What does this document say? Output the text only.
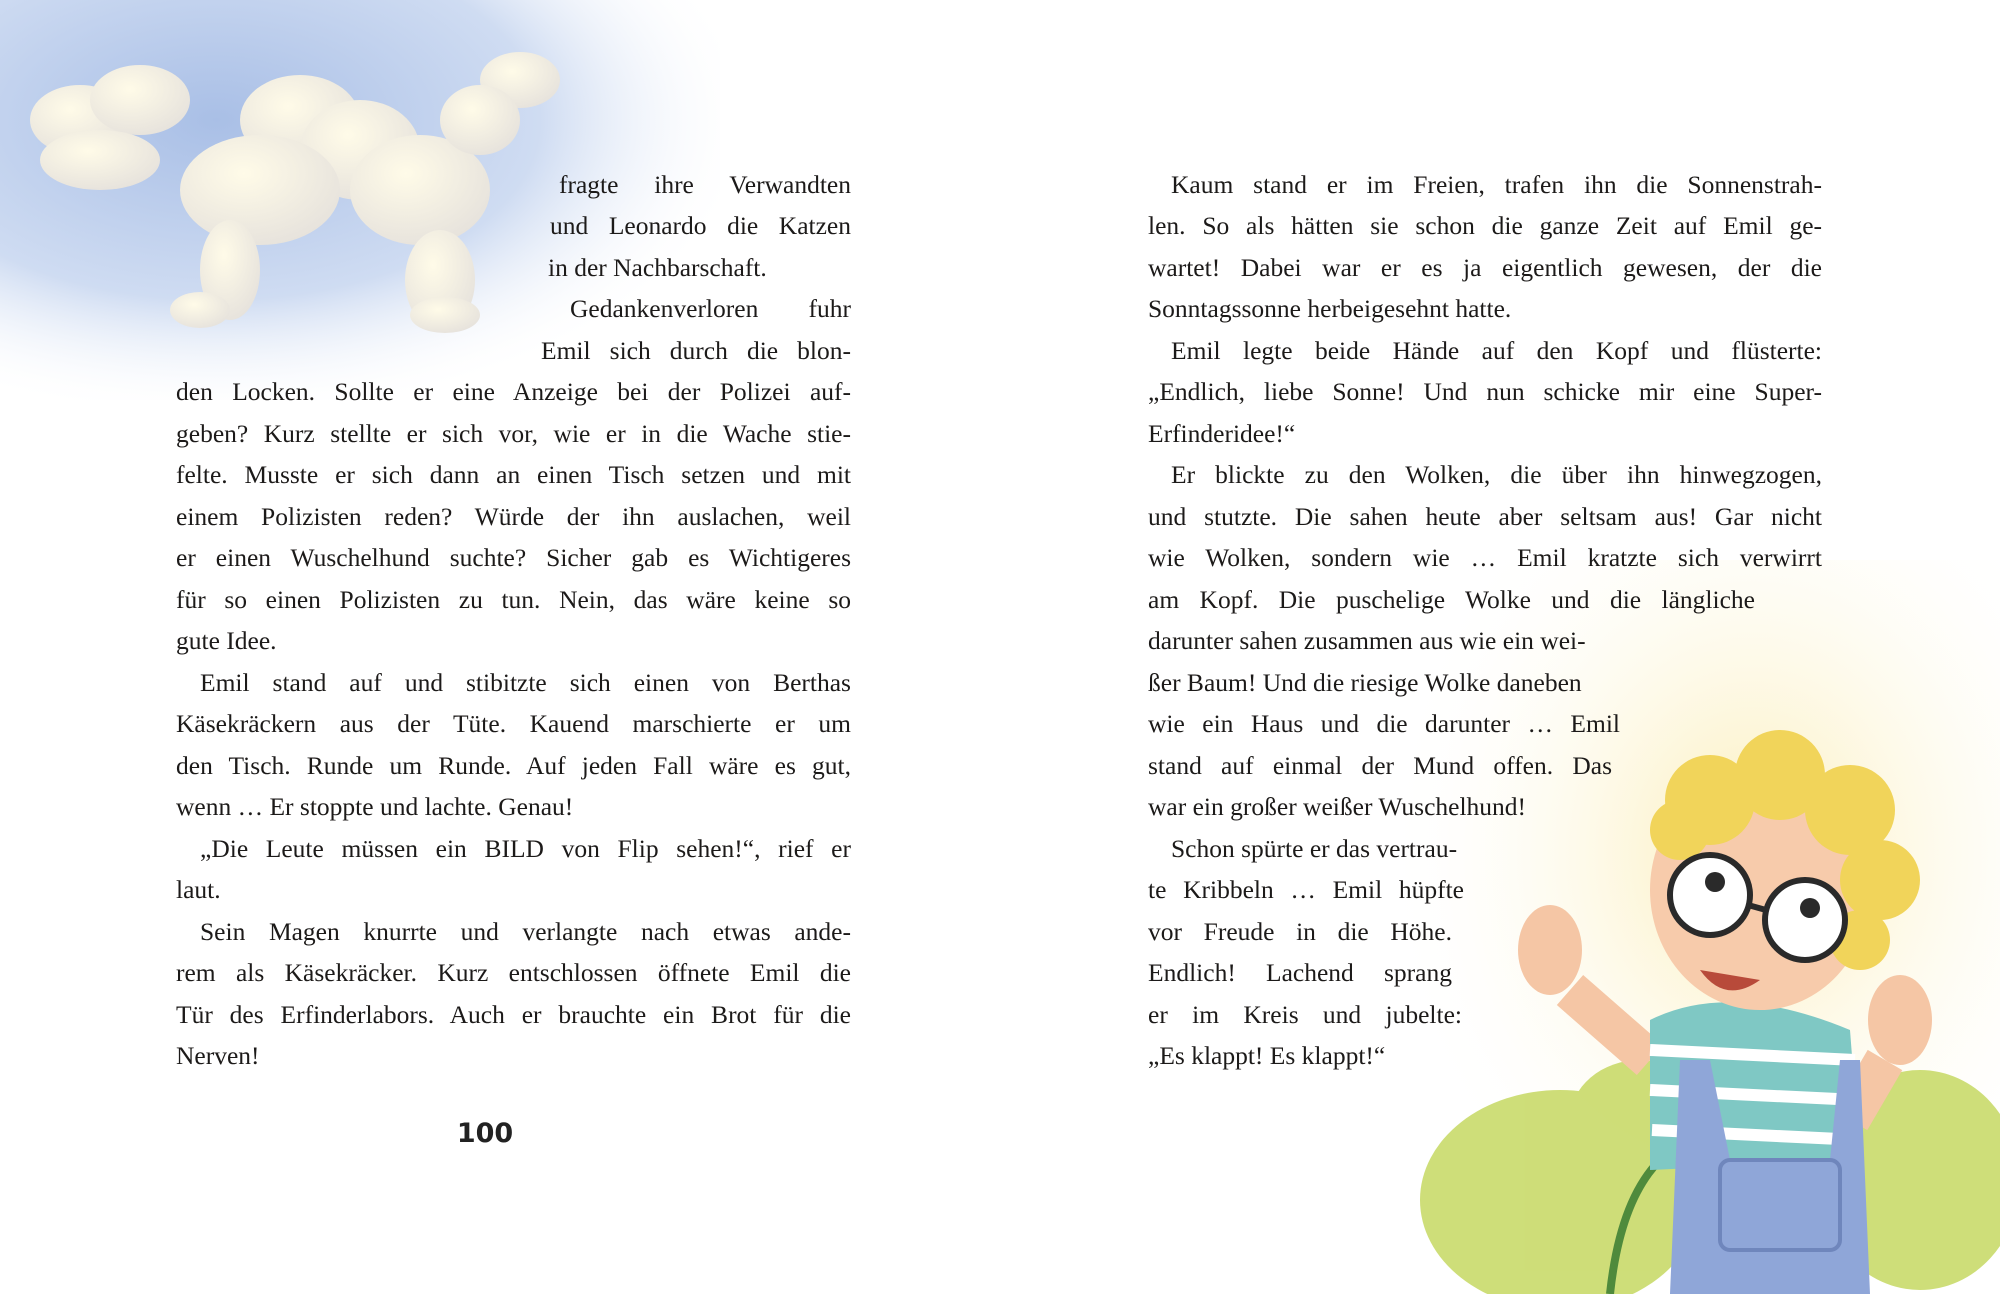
fragte ihre Verwandten
und Leonardo die Katzen
in der Nachbarschaft.
Gedankenverloren fuhr
Emil sich durch die blon-
den Locken. Sollte er eine Anzeige bei der Polizei auf-
geben? Kurz stellte er sich vor, wie er in die Wache stie-
felte. Musste er sich dann an einen Tisch setzen und mit
einem Polizisten reden? Würde der ihn auslachen, weil
er einen Wuschelhund suchte? Sicher gab es Wichtigeres
für so einen Polizisten zu tun. Nein, das wäre keine so
gute Idee.
Emil stand auf und stibitzte sich einen von Berthas
Käsekräckern aus der Tüte. Kauend marschierte er um
den Tisch. Runde um Runde. Auf jeden Fall wäre es gut,
wenn … Er stoppte und lachte. Genau!
„Die Leute müssen ein BILD von Flip sehen!“, rief er
laut.
Sein Magen knurrte und verlangte nach etwas ande-
rem als Käsekräcker. Kurz entschlossen öffnete Emil die
Tür des Erfinderlabors. Auch er brauchte ein Brot für die
Nerven!
100
Kaum stand er im Freien, trafen ihn die Sonnenstrah-
len. So als hätten sie schon die ganze Zeit auf Emil ge-
wartet! Dabei war er es ja eigentlich gewesen, der die
Sonntagssonne herbeigesehnt hatte.
Emil legte beide Hände auf den Kopf und flüsterte:
„Endlich, liebe Sonne! Und nun schicke mir eine Super-
Erfinderidee!“
Er blickte zu den Wolken, die über ihn hinwegzogen,
und stutzte. Die sahen heute aber seltsam aus! Gar nicht
wie Wolken, sondern wie … Emil kratzte sich verwirrt
am Kopf. Die puschelige Wolke und die längliche
darunter sahen zusammen aus wie ein wei-
ßer Baum! Und die riesige Wolke daneben
wie ein Haus und die darunter … Emil
stand auf einmal der Mund offen. Das
war ein großer weißer Wuschelhund!
Schon spürte er das vertrau-
te Kribbeln … Emil hüpfte
vor Freude in die Höhe.
Endlich! Lachend sprang
er im Kreis und jubelte:
„Es klappt! Es klappt!“
